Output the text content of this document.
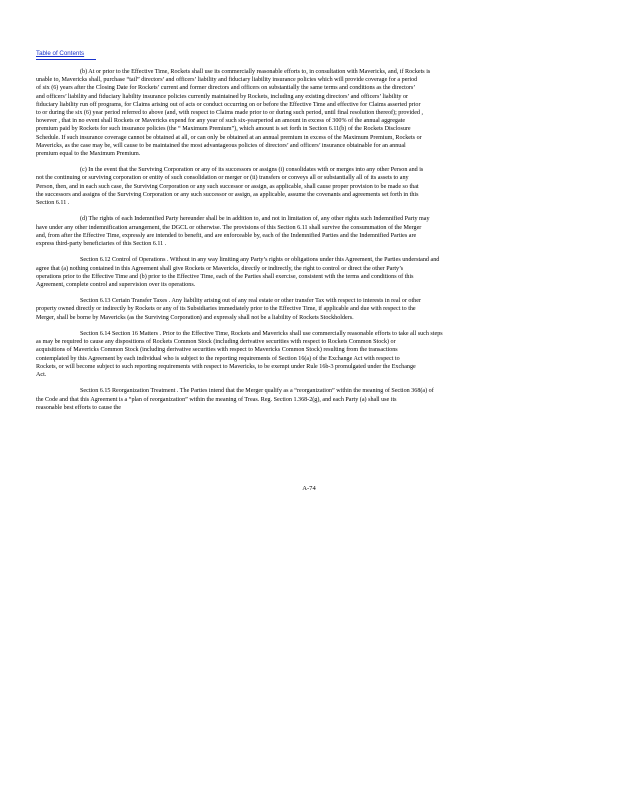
Table of Contents
(b) At or prior to the Effective Time, Rockets shall use its commercially reasonable efforts to, in consultation with Mavericks, and, if Rockets is
unable to, Mavericks shall, purchase “tail” directors’ and officers’ liability and fiduciary liability insurance policies which will provide coverage for a period
of six (6) years after the Closing Date for Rockets’ current and former directors and officers on substantially the same terms and conditions as the directors’
and officers’ liability and fiduciary liability insurance policies currently maintained by Rockets, including any existing directors’ and officers’ liability or
fiduciary liability run off programs, for Claims arising out of acts or conduct occurring on or before the Effective Time and effective for Claims asserted prior
to or during the six (6) year period referred to above (and, with respect to Claims made prior to or during such period, until final resolution thereof); provided ,
however , that in no event shall Rockets or Mavericks expend for any year of such six-yearperiod an amount in excess of 300% of the annual aggregate
premium paid by Rockets for such insurance policies (the “ Maximum Premium”), which amount is set forth in Section 6.11(b) of the Rockets Disclosure
Schedule. If such insurance coverage cannot be obtained at all, or can only be obtained at an annual premium in excess of the Maximum Premium, Rockets or
Mavericks, as the case may be, will cause to be maintained the most advantageous policies of directors’ and officers’ insurance obtainable for an annual
premium equal to the Maximum Premium.
(c) In the event that the Surviving Corporation or any of its successors or assigns (i) consolidates with or merges into any other Person and is
not the continuing or surviving corporation or entity of such consolidation or merger or (ii) transfers or conveys all or substantially all of its assets to any
Person, then, and in each such case, the Surviving Corporation or any such successor or assign, as applicable, shall cause proper provision to be made so that
the successors and assigns of the Surviving Corporation or any such successor or assign, as applicable, assume the covenants and agreements set forth in this
Section 6.11 .
(d) The rights of each Indemnified Party hereunder shall be in addition to, and not in limitation of, any other rights such Indemnified Party may
have under any other indemnification arrangement, the DGCL or otherwise. The provisions of this Section 6.11 shall survive the consummation of the Merger
and, from after the Effective Time, expressly are intended to benefit, and are enforceable by, each of the Indemnified Parties and the Indemnified Parties are
express third-party beneficiaries of this Section 6.11 .
Section 6.12 Control of Operations . Without in any way limiting any Party’s rights or obligations under this Agreement, the Parties understand and
agree that (a) nothing contained in this Agreement shall give Rockets or Mavericks, directly or indirectly, the right to control or direct the other Party’s
operations prior to the Effective Time and (b) prior to the Effective Time, each of the Parties shall exercise, consistent with the terms and conditions of this
Agreement, complete control and supervision over its operations.
Section 6.13 Certain Transfer Taxes . Any liability arising out of any real estate or other transfer Tax with respect to interests in real or other
property owned directly or indirectly by Rockets or any of its Subsidiaries immediately prior to the Effective Time, if applicable and due with respect to the
Merger, shall be borne by Mavericks (as the Surviving Corporation) and expressly shall not be a liability of Rockets Stockholders.
Section 6.14 Section 16 Matters . Prior to the Effective Time, Rockets and Mavericks shall use commercially reasonable efforts to take all such steps
as may be required to cause any dispositions of Rockets Common Stock (including derivative securities with respect to Rockets Common Stock) or
acquisitions of Mavericks Common Stock (including derivative securities with respect to Mavericks Common Stock) resulting from the transactions
contemplated by this Agreement by each individual who is subject to the reporting requirements of Section 16(a) of the Exchange Act with respect to
Rockets, or will become subject to such reporting requirements with respect to Mavericks, to be exempt under Rule 16b-3 promulgated under the Exchange
Act.
Section 6.15 Reorganization Treatment . The Parties intend that the Merger qualify as a “reorganization” within the meaning of Section 368(a) of
the Code and that this Agreement is a “plan of reorganization” within the meaning of Treas. Reg. Section 1.368-2(g), and each Party (a) shall use its
reasonable best efforts to cause the
A-74
